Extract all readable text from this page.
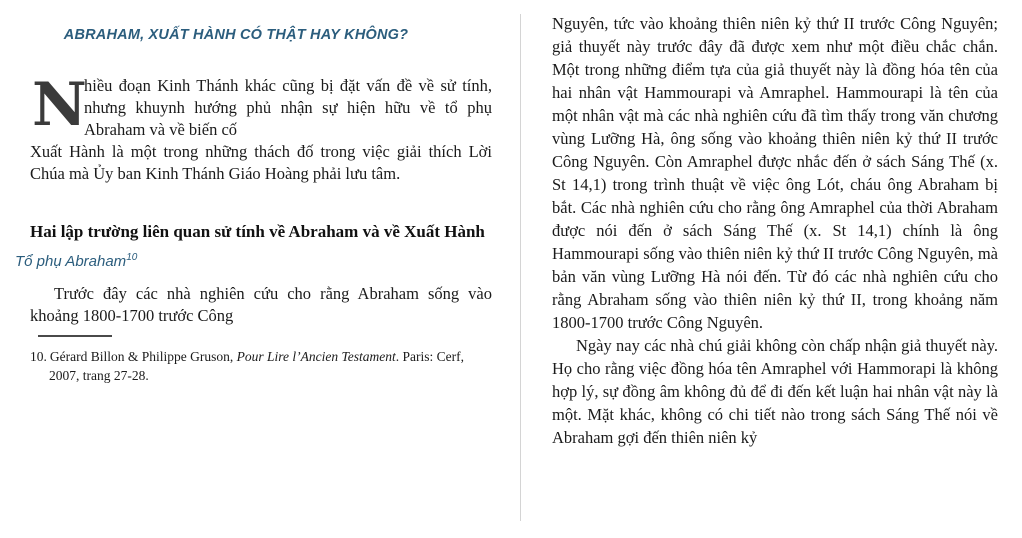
ABRAHAM, XUẤT HÀNH CÓ THẬT HAY KHÔNG?

N
hiều đoạn Kinh Thánh khác cũng bị đặt vấn đề về sử tính, nhưng khuynh hướng phủ nhận sự hiện hữu về tổ phụ Abraham và về biến cố

Xuất Hành là một trong những thách đố trong việc giải thích Lời Chúa mà Ủy ban Kinh Thánh Giáo Hoàng phải lưu tâm.

Hai lập trường liên quan sử tính về Abraham và về Xuất Hành
Tổ phụ Abraham$^{10}$

Trước đây các nhà nghiên cứu cho rằng Abraham sống vào khoảng 1800-1700 trước Công

10. Gérard Billon & Philippe Gruson, Pour Lire l’Ancien Testament. Paris: Cerf, 2007, trang 27-28.

Nguyên, tức vào khoảng thiên niên kỷ thứ II trước Công Nguyên; giả thuyết này trước đây đã được xem như một điều chắc chắn. Một trong những điểm tựa của giả thuyết này là đồng hóa tên của hai nhân vật Hammourapi và Amraphel. Hammourapi là tên của một nhân vật mà các nhà nghiên cứu đã tìm thấy trong văn chương vùng Lưỡng Hà, ông sống vào khoảng thiên niên kỷ thứ II trước Công Nguyên. Còn Amraphel được nhắc đến ở sách Sáng Thế (x. St 14,1) trong trình thuật về việc ông Lót, cháu ông Abraham bị bắt. Các nhà nghiên cứu cho rằng ông Amraphel của thời Abraham được nói đến ở sách Sáng Thế (x. St 14,1) chính là ông Hammourapi sống vào thiên niên kỷ thứ II trước Công Nguyên, mà bản văn vùng Lưỡng Hà nói đến. Từ đó các nhà nghiên cứu cho rằng Abraham sống vào thiên niên kỷ thứ II, trong khoảng năm 1800-1700 trước Công Nguyên.

Ngày nay các nhà chú giải không còn chấp nhận giả thuyết này. Họ cho rằng việc đồng hóa tên Amraphel với Hammorapi là không hợp lý, sự đồng âm không đủ để đi đến kết luận hai nhân vật này là một. Mặt khác, không có chi tiết nào trong sách Sáng Thế nói về Abraham gợi đến thiên niên kỷ
